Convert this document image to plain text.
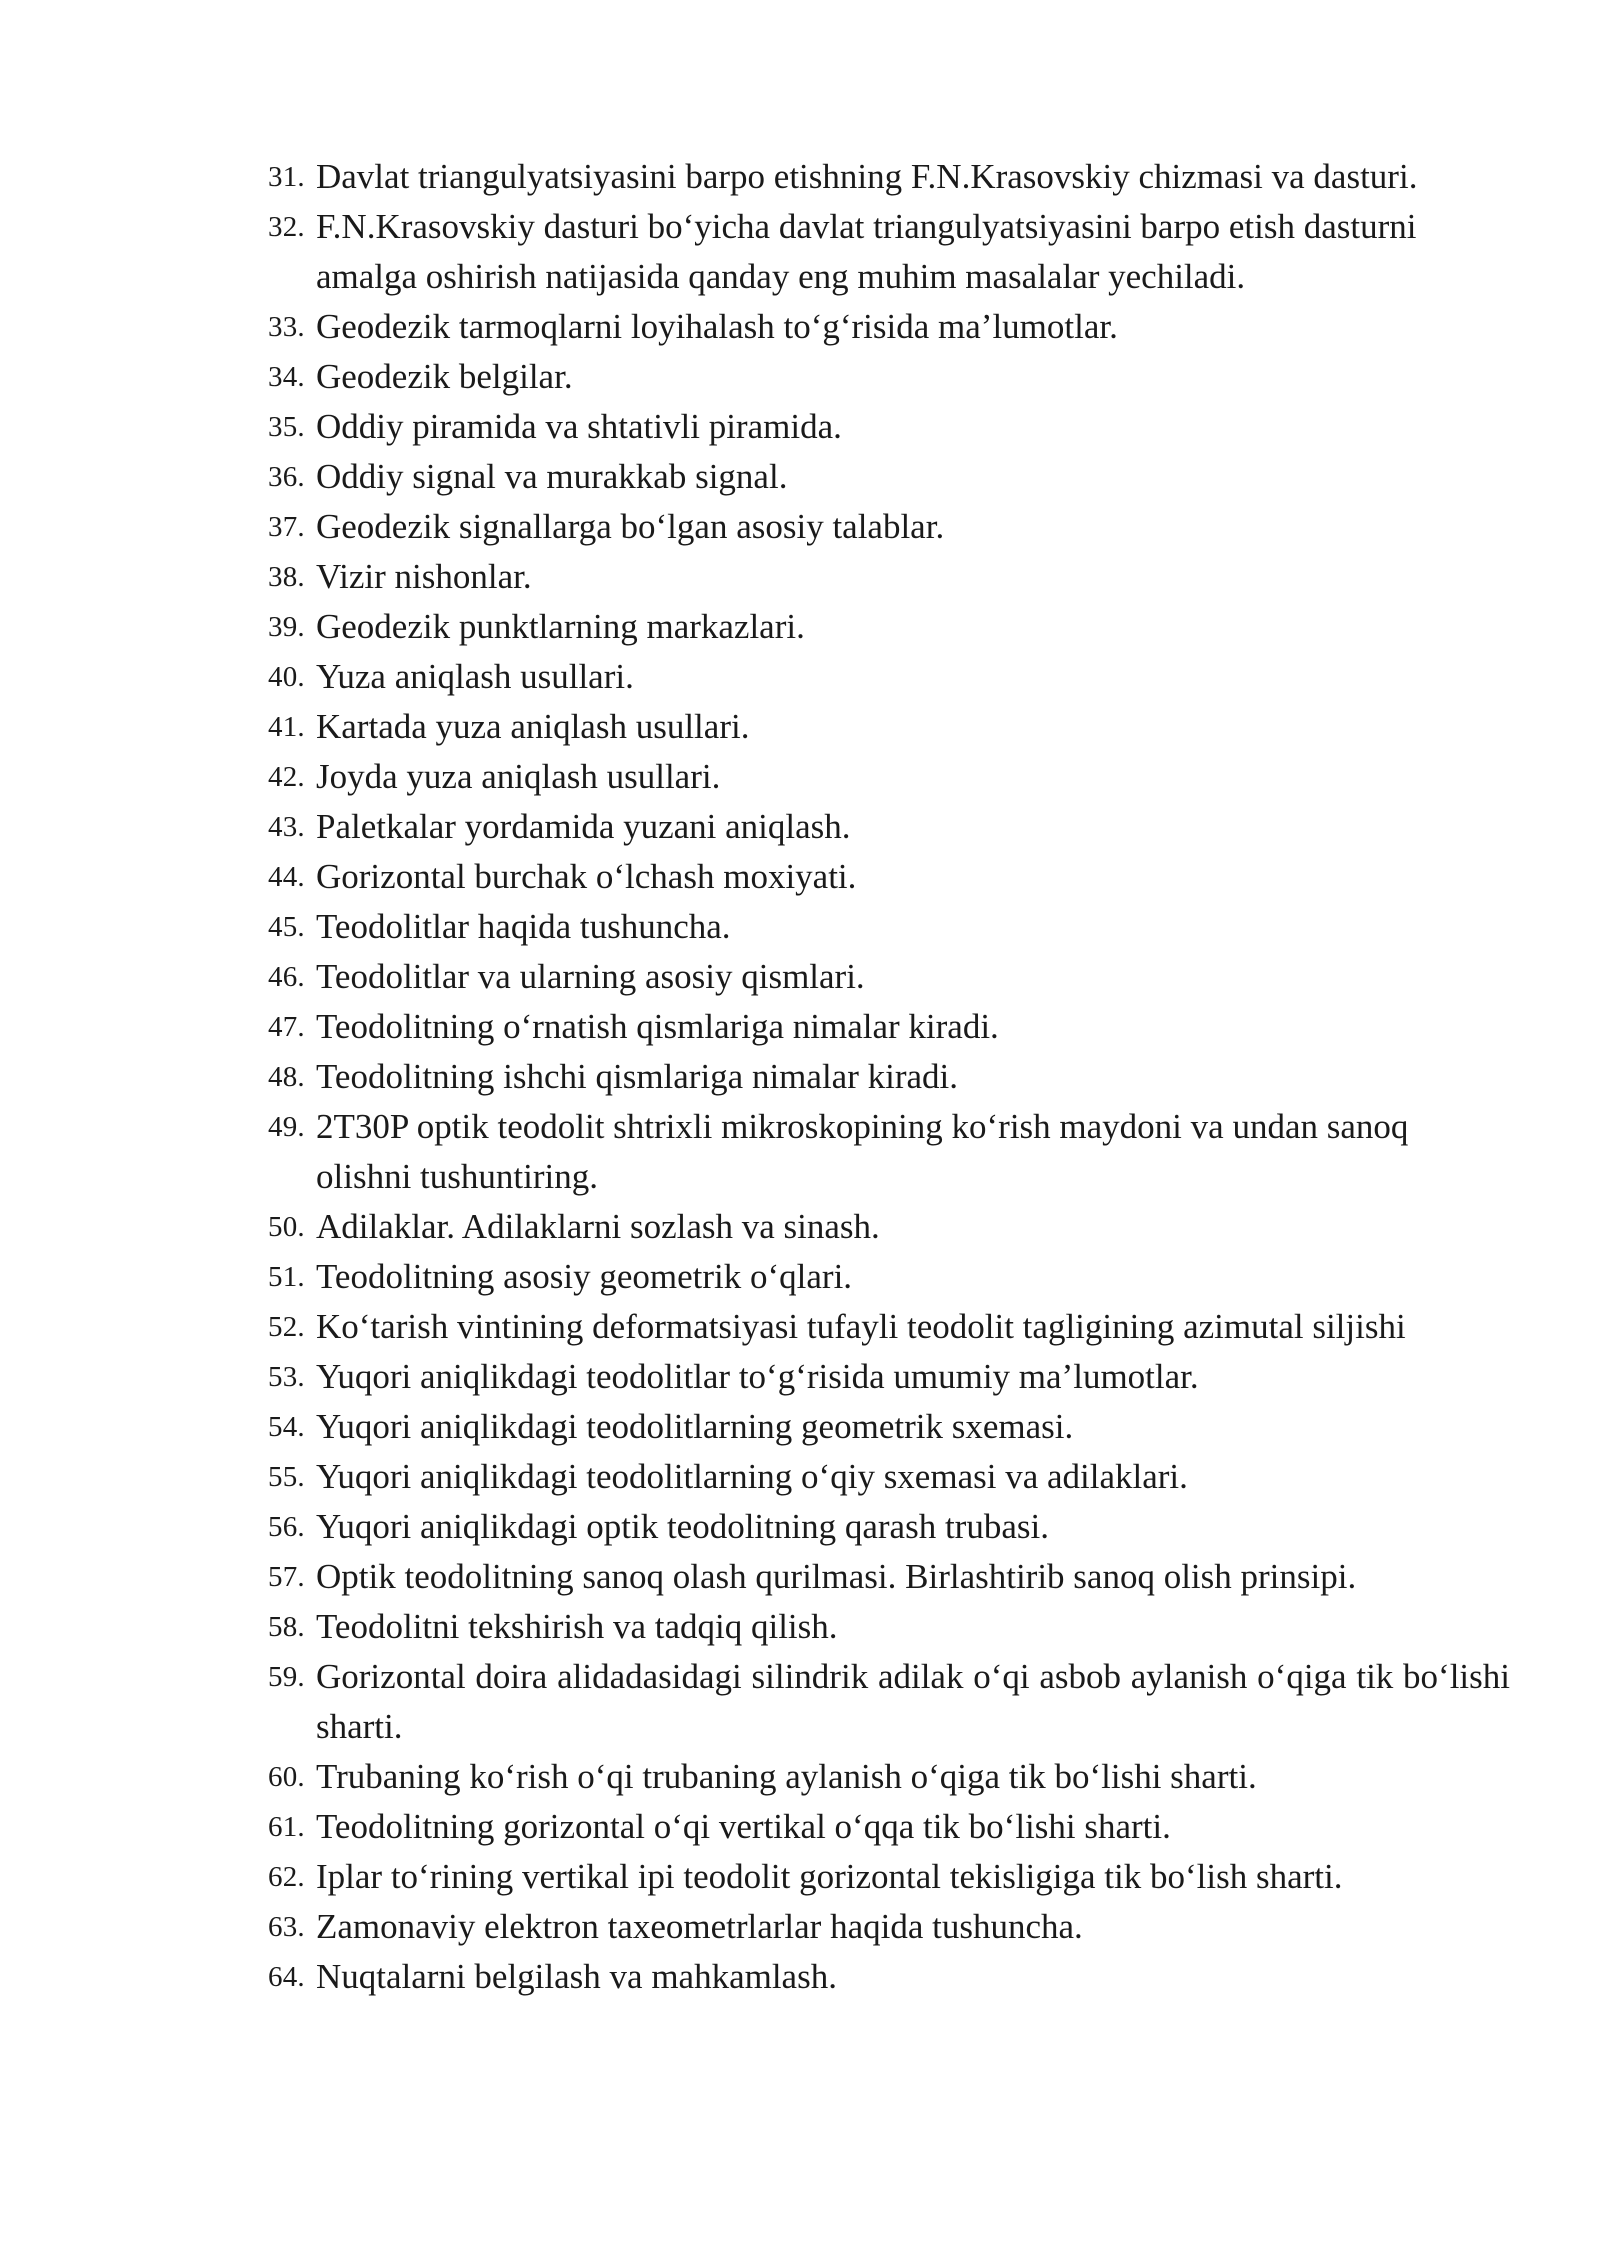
31. Davlat triangulyatsiyasini barpo etishning F.N.Krasovskiy chizmasi va dasturi.
32. F.N.Krasovskiy dasturi bo‘yicha davlat triangulyatsiyasini barpo etish dasturni amalga oshirish natijasida qanday eng muhim masalalar yechiladi.
33. Geodezik tarmoqlarni loyihalash to‘g‘risida ma’lumotlar.
34. Geodezik belgilar.
35. Oddiy piramida va shtativli piramida.
36. Oddiy signal va murakkab signal.
37. Geodezik signallarga bo‘lgan asosiy talablar.
38. Vizir nishonlar.
39. Geodezik punktlarning markazlari.
40. Yuza aniqlash usullari.
41. Kartada yuza aniqlash usullari.
42. Joyda yuza aniqlash usullari.
43. Paletkalar yordamida yuzani aniqlash.
44. Gorizontal burchak o‘lchash moxiyati.
45. Teodolitlar haqida tushuncha.
46. Teodolitlar va ularning asosiy qismlari.
47. Teodolitning o‘rnatish qismlariga nimalar kiradi.
48. Teodolitning ishchi qismlariga nimalar kiradi.
49. 2T30P optik teodolit shtrixli mikroskopining ko‘rish maydoni va undan sanoq olishni tushuntiring.
50. Adilaklar. Adilaklarni sozlash va sinash.
51. Teodolitning asosiy geometrik o‘qlari.
52. Ko‘tarish vintining deformatsiyasi tufayli teodolit tagligining azimutal siljishi
53. Yuqori aniqlikdagi teodolitlar to‘g‘risida umumiy ma’lumotlar.
54. Yuqori aniqlikdagi teodolitlarning geometrik sxemasi.
55. Yuqori aniqlikdagi teodolitlarning o‘qiy sxemasi va adilaklari.
56. Yuqori aniqlikdagi optik teodolitning qarash trubasi.
57. Optik teodolitning sanoq olash qurilmasi. Birlashtirib sanoq olish prinsipi.
58. Teodolitni tekshirish va tadqiq qilish.
59. Gorizontal doira alidadasidagi silindrik adilak o‘qi asbob aylanish o‘qiga tik bo‘lishi sharti.
60. Trubaning ko‘rish o‘qi trubaning aylanish o‘qiga tik bo‘lishi sharti.
61. Teodolitning gorizontal o‘qi vertikal o‘qqa tik bo‘lishi sharti.
62. Iplar to‘rining vertikal ipi teodolit gorizontal tekisligiga tik bo‘lish sharti.
63. Zamonaviy elektron taxeometrlarlar haqida tushuncha.
64. Nuqtalarni belgilash va mahkamlash.
